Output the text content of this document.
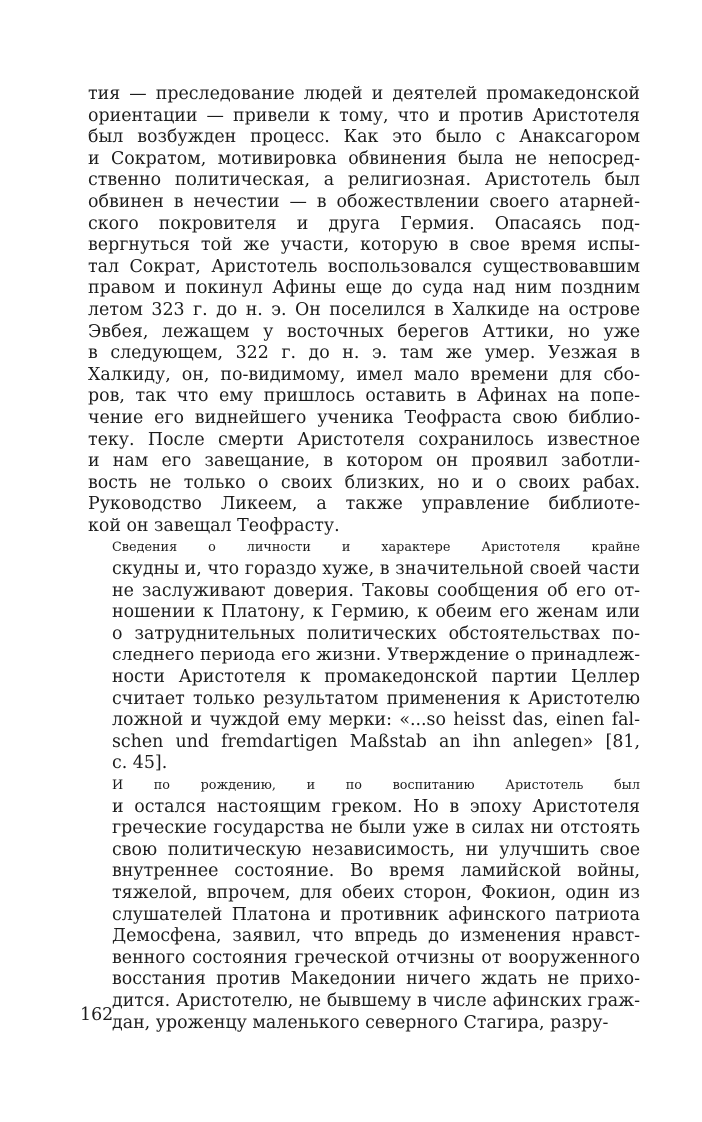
тия — преследование людей и деятелей промакедонской
ориентации — привели к тому, что и против Аристотеля
был возбужден процесс. Как это было с Анаксагором
и Сократом, мотивировка обвинения была не непосред-
ственно политическая, а религиозная. Аристотель был
обвинен в нечестии — в обожествлении своего атарней-
ского покровителя и друга Гермия. Опасаясь под-
вергнуться той же участи, которую в свое время испы-
тал Сократ, Аристотель воспользовался существовавшим
правом и покинул Афины еще до суда над ним поздним
летом 323 г. до н. э. Он поселился в Халкиде на острове
Эвбея, лежащем у восточных берегов Аттики, но уже
в следующем, 322 г. до н. э. там же умер. Уезжая в
Халкиду, он, по-видимому, имел мало времени для сбо-
ров, так что ему пришлось оставить в Афинах на попе-
чение его виднейшего ученика Теофраста свою библио-
теку. После смерти Аристотеля сохранилось известное
и нам его завещание, в котором он проявил заботли-
вость не только о своих близких, но и о своих рабах.
Руководство Ликеем, а также управление библиоте-
кой он завещал Теофрасту.

Сведения о личности и характере Аристотеля крайне
скудны и, что гораздо хуже, в значительной своей части
не заслуживают доверия. Таковы сообщения об его от-
ношении к Платону, к Гермию, к обеим его женам или
о затруднительных политических обстоятельствах по-
следнего периода его жизни. Утверждение о принадлеж-
ности Аристотеля к промакедонской партии Целлер
считает только результатом применения к Аристотелю
ложной и чуждой ему мерки: «...so heisst das, einen fal-
schen und fremdartigen Maßstab an ihn anlegen» [81,
с. 45].

И по рождению, и по воспитанию Аристотель был
и остался настоящим греком. Но в эпоху Аристотеля
греческие государства не были уже в силах ни отстоять
свою политическую независимость, ни улучшить свое
внутреннее состояние. Во время ламийской войны,
тяжелой, впрочем, для обеих сторон, Фокион, один из
слушателей Платона и противник афинского патриота
Демосфена, заявил, что впредь до изменения нравст-
венного состояния греческой отчизны от вооруженного
восстания против Македонии ничего ждать не прихо-
дится. Аристотелю, не бывшему в числе афинских граж-
дан, уроженцу маленького северного Стагира, разру-

162
